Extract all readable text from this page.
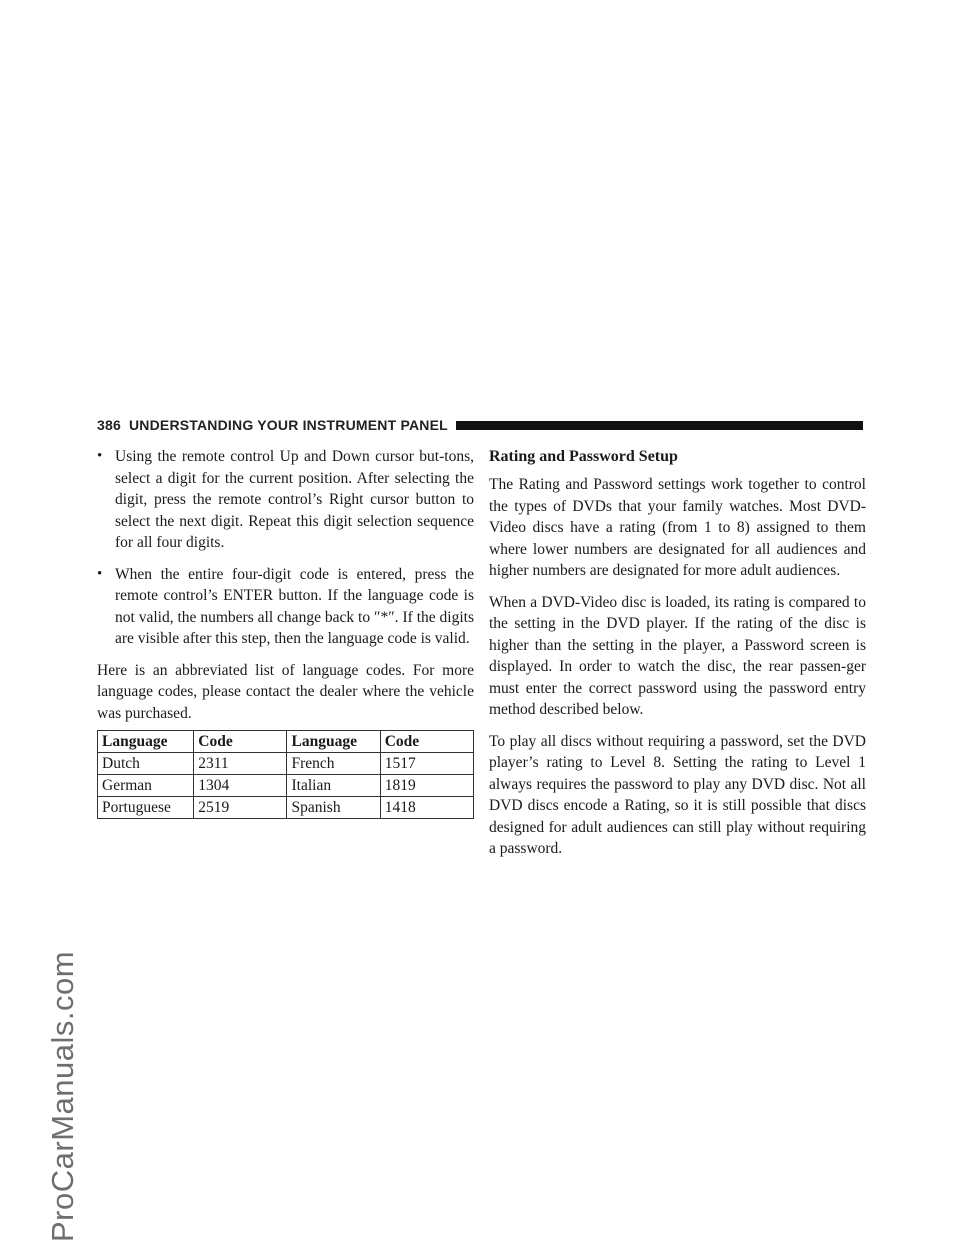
ProCarManuals.com
386 UNDERSTANDING YOUR INSTRUMENT PANEL
• Using the remote control Up and Down cursor but-tons, select a digit for the current position. After selecting the digit, press the remote control’s Right cursor button to select the next digit. Repeat this digit selection sequence for all four digits.
• When the entire four-digit code is entered, press the remote control’s ENTER button. If the language code is not valid, the numbers all change back to ″*″. If the digits are visible after this step, then the language code is valid.

Here is an abbreviated list of language codes. For more language codes, please contact the dealer where the vehicle was purchased.

Language	Code	Language	Code
Dutch	2311	French	1517
German	1304	Italian	1819
Portuguese	2519	Spanish	1418
Rating and Password Setup

The Rating and Password settings work together to control the types of DVDs that your family watches. Most DVD-Video discs have a rating (from 1 to 8) assigned to them where lower numbers are designated for all audiences and higher numbers are designated for more adult audiences.

When a DVD-Video disc is loaded, its rating is compared to the setting in the DVD player. If the rating of the disc is higher than the setting in the player, a Password screen is displayed. In order to watch the disc, the rear passen-ger must enter the correct password using the password entry method described below.

To play all discs without requiring a password, set the DVD player’s rating to Level 8. Setting the rating to Level 1 always requires the password to play any DVD disc. Not all DVD discs encode a Rating, so it is still possible that discs designed for adult audiences can still play without requiring a password.
